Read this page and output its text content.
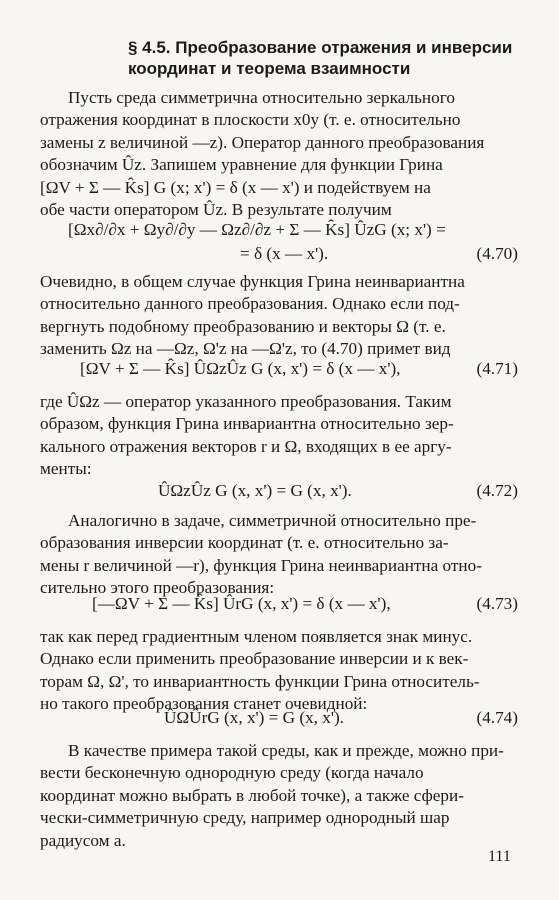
§ 4.5. Преобразование отражения и инверсии
координат и теорема взаимности
Пусть среда симметрична относительно зеркального
отражения координат в плоскости x0y (т. е. относительно
замены z величиной —z). Оператор данного преобразования
обозначим Ûz. Запишем уравнение для функции Грина
[ΩV + Σ — K̂s] G (x; x') = δ (x — x') и подействуем на
обе части оператором Ûz. В результате получим
[Ωx∂/∂x + Ωy∂/∂y — Ωz∂/∂z + Σ — K̂s] ÛzG (x; x') =
= δ (x — x').	(4.70)
Очевидно, в общем случае функция Грина неинвариантна
относительно данного преобразования. Однако если под-
вергнуть подобному преобразованию и векторы Ω (т. е.
заменить Ωz на —Ωz, Ω'z на —Ω'z, то (4.70) примет вид
[ΩV + Σ — K̂s] ÛΩzÛz G (x, x') = δ (x — x'),	(4.71)
где ÛΩz — оператор указанного преобразования. Таким
образом, функция Грина инвариантна относительно зер-
кального отражения векторов r и Ω, входящих в ее аргу-
менты:
ÛΩzÛz G (x, x') = G (x, x').	(4.72)
Аналогично в задаче, симметричной относительно пре-
образования инверсии координат (т. е. относительно за-
мены r величиной —r), функция Грина неинвариантна отно-
сительно этого преобразования:
[—ΩV + Σ — K̂s] ÛrG (x, x') = δ (x — x'),	(4.73)
так как перед градиентным членом появляется знак минус.
Однако если применить преобразование инверсии и к век-
торам Ω, Ω', то инвариантность функции Грина относитель-
но такого преобразования станет очевидной:
ÛΩÛrG (x, x') = G (x, x').	(4.74)
В качестве примера такой среды, как и прежде, можно при-
вести бесконечную однородную среду (когда начало
координат можно выбрать в любой точке), а также сфери-
чески-симметричную среду, например однородный шар
радиусом a.
111
